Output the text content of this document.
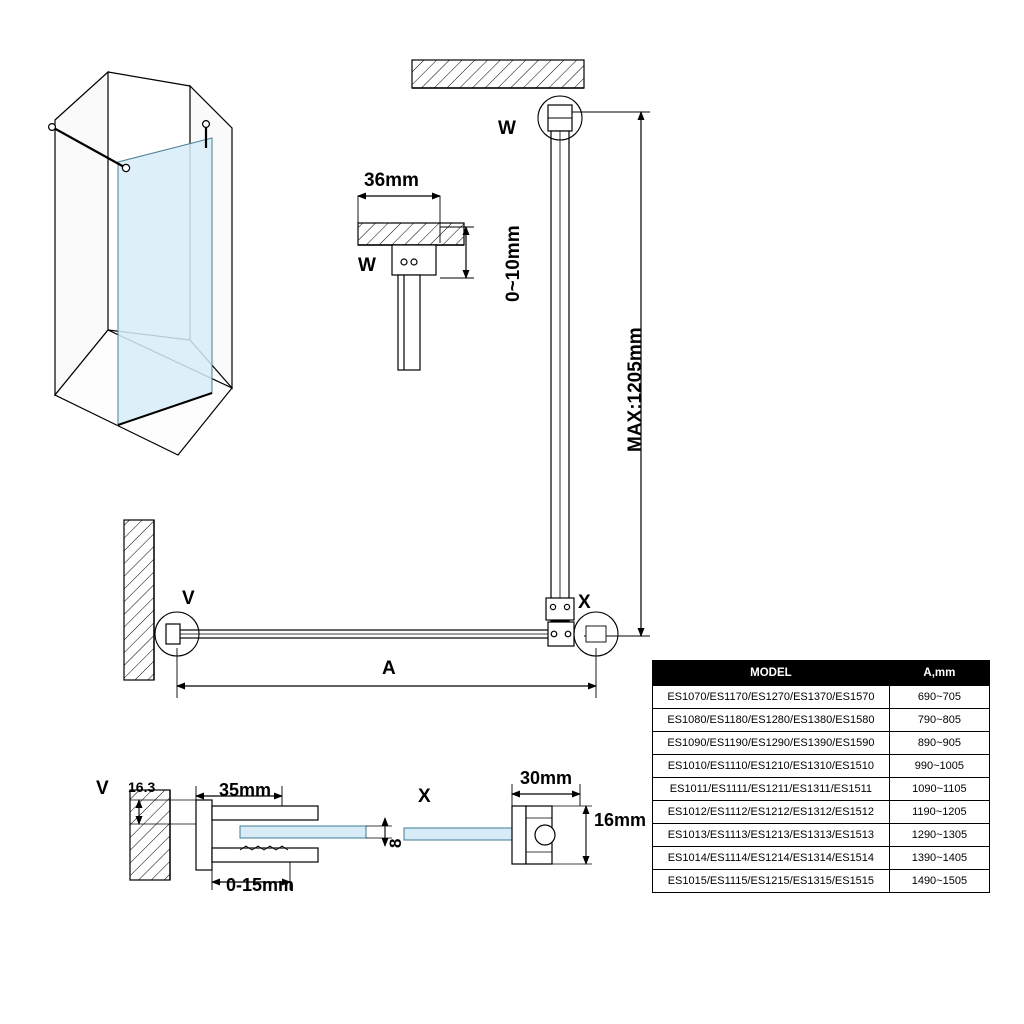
W
W
36mm
0~10mm
MAX:1205mm
V	X
A
V	35mm
16.3
8
0-15mm
X
30mm
16mm
MODEL	A,mm
ES1070/ES1170/ES1270/ES1370/ES1570	690~705
ES1080/ES1180/ES1280/ES1380/ES1580	790~805
ES1090/ES1190/ES1290/ES1390/ES1590	890~905
ES1010/ES1110/ES1210/ES1310/ES1510	990~1005
ES1011/ES1111/ES1211/ES1311/ES1511	1090~1105
ES1012/ES1112/ES1212/ES1312/ES1512	1190~1205
ES1013/ES1113/ES1213/ES1313/ES1513	1290~1305
ES1014/ES1114/ES1214/ES1314/ES1514	1390~1405
ES1015/ES1115/ES1215/ES1315/ES1515	1490~1505
